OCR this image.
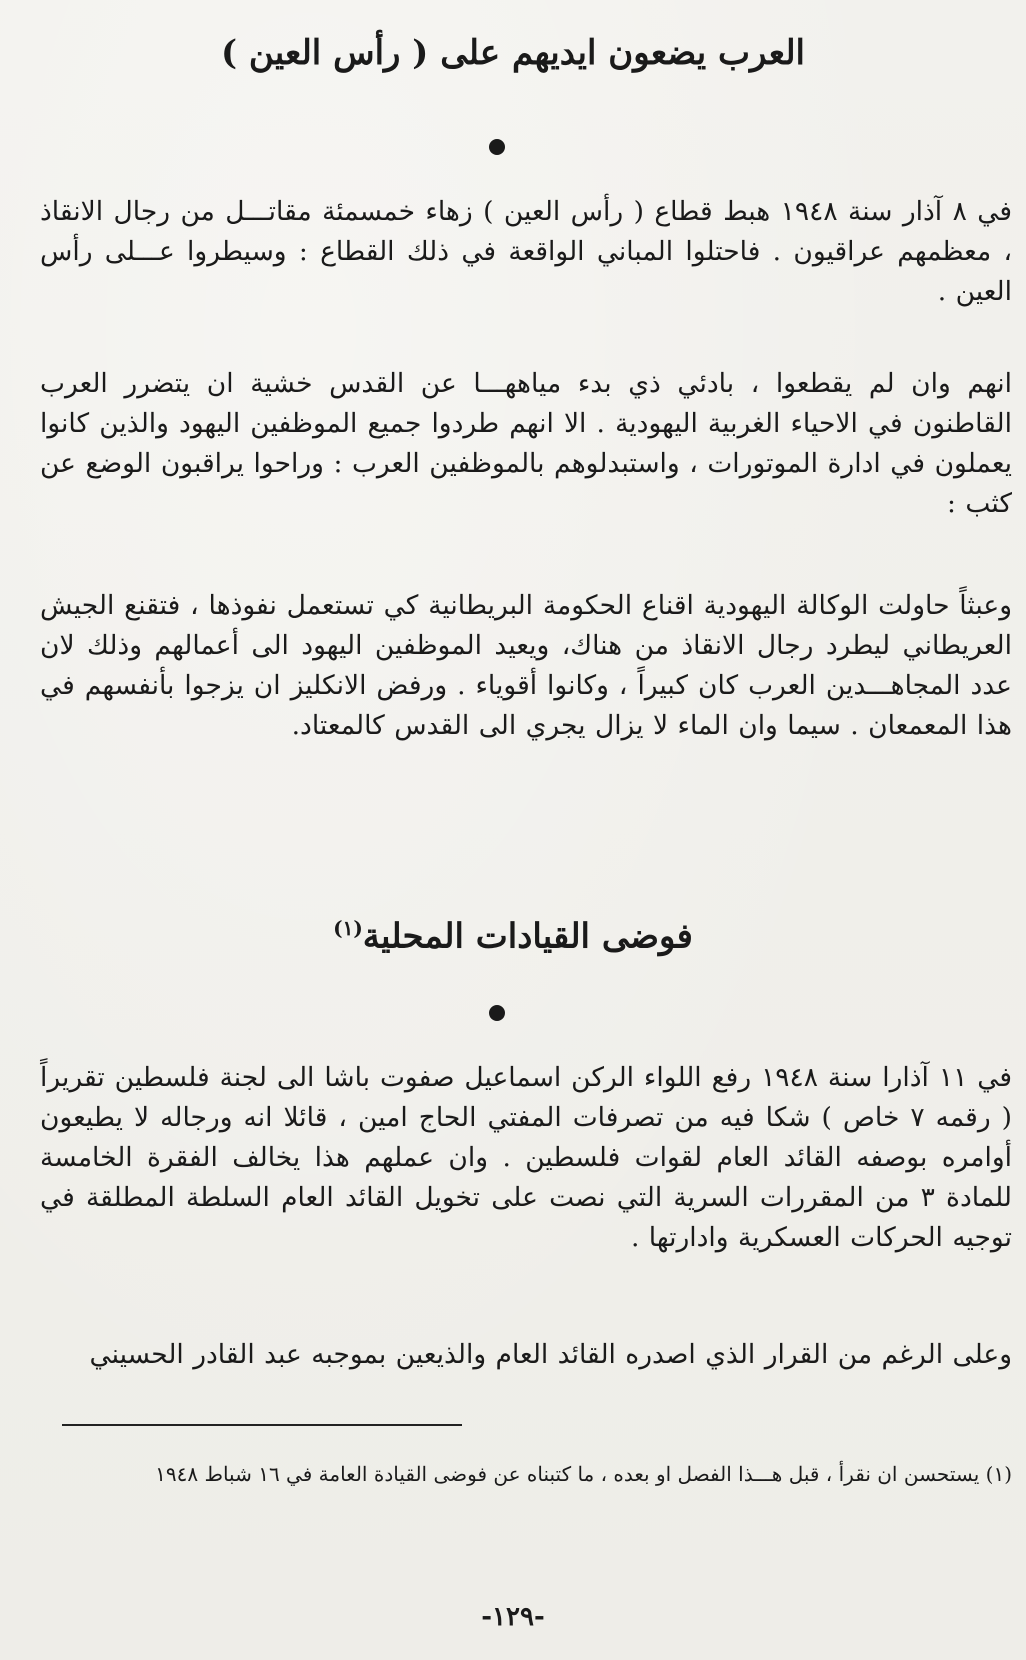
العرب يضعون ايديهم على ( رأس العين )

في ٨ آذار سنة ١٩٤٨ هبط قطاع ( رأس العين ) زهاء خمسمئة مقاتـــل من رجال الانقاذ ، معظمهم عراقيون . فاحتلوا المباني الواقعة في ذلك القطاع : وسيطروا عـــلى رأس العين .

انهم وان لم يقطعوا ، بادئي ذي بدء مياههـــا عن القدس خشية ان يتضرر العرب القاطنون في الاحياء الغربية اليهودية . الا انهم طردوا جميع الموظفين اليهود والذين كانوا يعملون في ادارة الموتورات ، واستبدلوهم بالموظفين العرب : وراحوا يراقبون الوضع عن كثب :

وعبثاً حاولت الوكالة اليهودية اقناع الحكومة البريطانية كي تستعمل نفوذها ، فتقنع الجيش العريطاني ليطرد رجال الانقاذ من هناك، ويعيد الموظفين اليهود الى أعمالهم وذلك لان عدد المجاهـــدين العرب كان كبيراً ، وكانوا أقوياء . ورفض الانكليز ان يزجوا بأنفسهم في هذا المعمعان . سيما وان الماء لا يزال يجري الى القدس كالمعتاد.

فوضى القيادات المحلية$^{(١)}$

في ١١ آذارا سنة ١٩٤٨ رفع اللواء الركن اسماعيل صفوت باشا الى لجنة فلسطين تقريراً ( رقمه ٧ خاص ) شكا فيه من تصرفات المفتي الحاج امين ، قائلا انه ورجاله لا يطيعون أوامره بوصفه القائد العام لقوات فلسطين . وان عملهم هذا يخالف الفقرة الخامسة للمادة ٣ من المقررات السرية التي نصت على تخويل القائد العام السلطة المطلقة في توجيه الحركات العسكرية وادارتها .

وعلى الرغم من القرار الذي اصدره القائد العام والذيعين بموجبه عبد القادر الحسيني

(١) يستحسن ان نقرأ ، قبل هـــذا الفصل او بعده ، ما كتبناه عن فوضى القيادة العامة في ١٦ شباط ١٩٤٨

-١٢٩-
